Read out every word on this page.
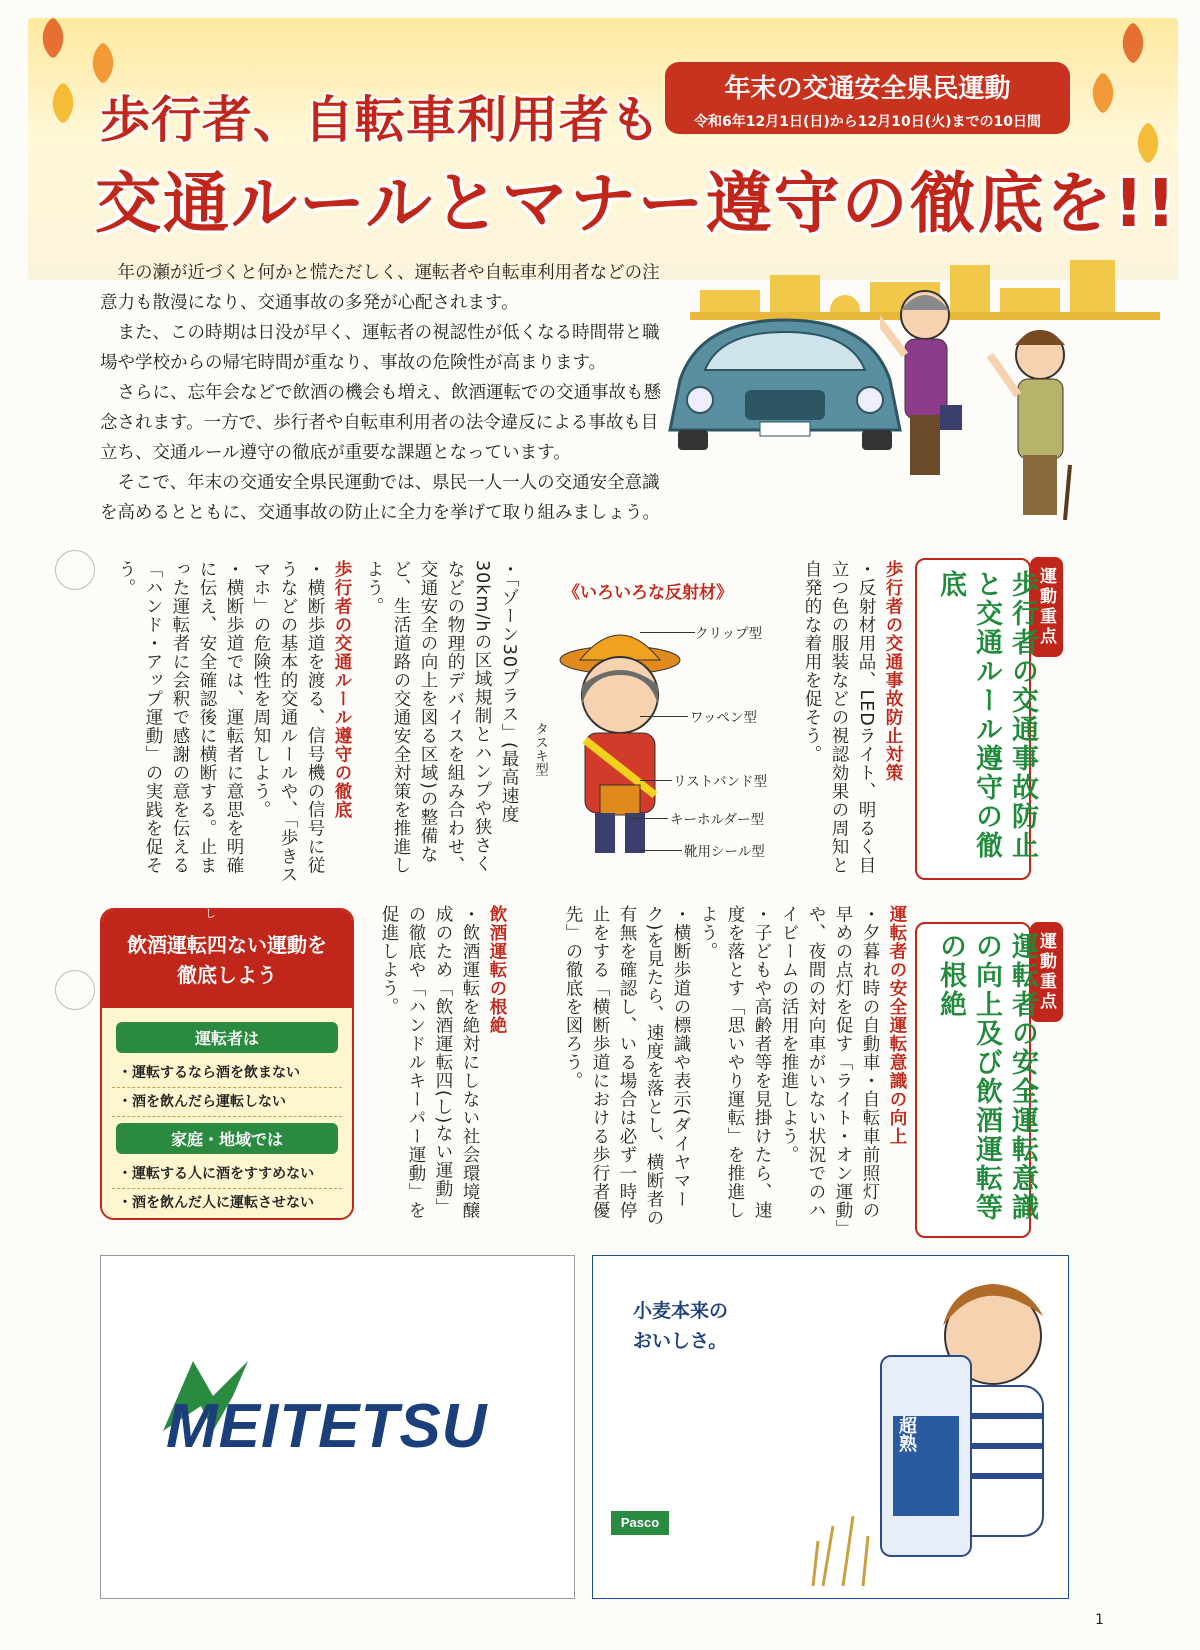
歩行者、自転車利用者も
交通ルールとマナー遵守の徹底を!!
年末の交通安全県民運動
令和6年12月1日(日)から12月10日(火)までの10日間

年の瀬が近づくと何かと慌ただしく、運転者や自転車利用者などの注意力も散漫になり、交通事故の多発が心配されます。

また、この時期は日没が早く、運転者の視認性が低くなる時間帯と職場や学校からの帰宅時間が重なり、事故の危険性が高まります。

さらに、忘年会などで飲酒の機会も増え、飲酒運転での交通事故も懸念されます。一方で、歩行者や自転車利用者の法令違反による事故も目立ち、交通ルール遵守の徹底が重要な課題となっています。

そこで、年末の交通安全県民運動では、県民一人一人の交通安全意識を高めるとともに、交通事故の防止に全力を挙げて取り組みましょう。

運動重点
歩行者の交通事故防止と交通ルール遵守の徹底
運動重点
運転者の安全運転意識の向上及び飲酒運転等の根絶

歩行者の交通事故防止対策

・反射材用品、LEDライト、明るく目立つ色の服装などの視認効果の周知と自発的な着用を促そう。

《いろいろな反射材》
クリップ型
ワッペン型
タスキ型
リストバンド型
キーホルダー型
靴用シール型

・「ゾーン30プラス」(最高速度30km/hの区域規制とハンプや狭さくなどの物理的デバイスを組み合わせ、交通安全の向上を図る区域)の整備など、生活道路の交通安全対策を推進しよう。

歩行者の交通ルール遵守の徹底

・横断歩道を渡る、信号機の信号に従うなどの基本的交通ルールや、「歩きスマホ」の危険性を周知しよう。

・横断歩道では、運転者に意思を明確に伝え、安全確認後に横断する。止まった運転者に会釈で感謝の意を伝える「ハンド・アップ運動」の実践を促そう。

運転者の安全運転意識の向上

・夕暮れ時の自動車・自転車前照灯の早めの点灯を促す「ライト・オン運動」や、夜間の対向車がいない状況でのハイビームの活用を推進しよう。

・子どもや高齢者等を見掛けたら、速度を落とす「思いやり運転」を推進しよう。

・横断歩道の標識や表示(ダイヤマーク)を見たら、速度を落とし、横断者の有無を確認し、いる場合は必ず一時停止をする「横断歩道における歩行者優先」の徹底を図ろう。

飲酒運転の根絶

・飲酒運転を絶対にしない社会環境醸成のため「飲酒運転四(し)ない運動」の徹底や「ハンドルキーパー運動」を促進しよう。

飲酒運転四ない運動を
徹底しよう
運転者は
・運転するなら酒を飲まない
・酒を飲んだら運転しない
家庭・地域では
・運転する人に酒をすすめない
・酒を飲んだ人に運転させない
し
MEITETSU
小麦本来の
おいしさ。
超熟
Pasco
1
